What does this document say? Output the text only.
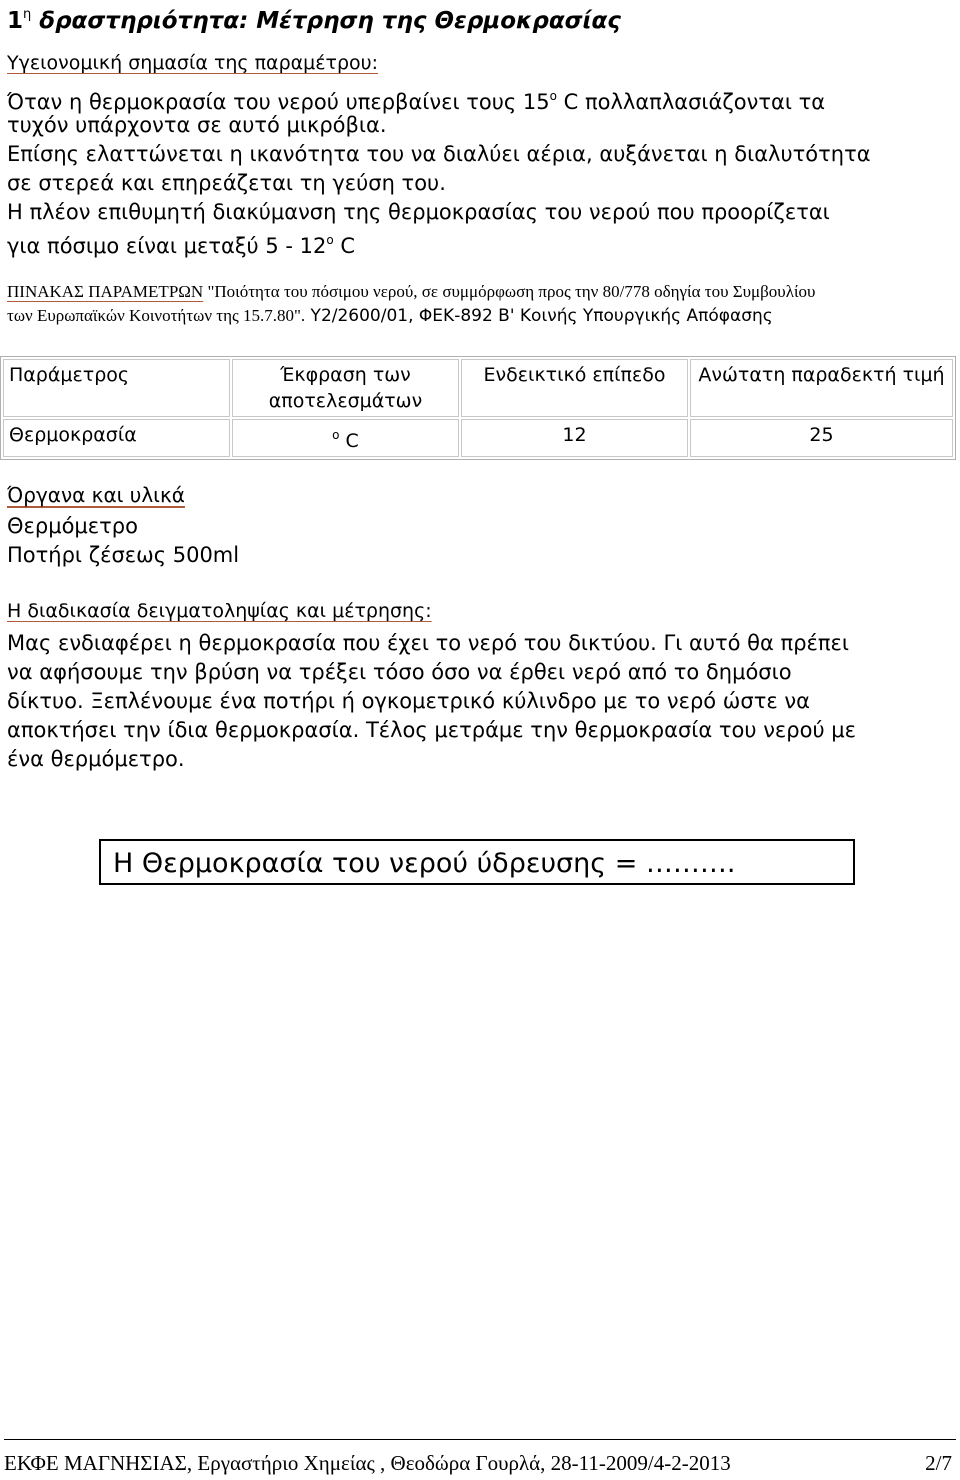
$1^\eta$ δραστηριότητα: Μέτρηση της Θερμοκρασίας
Υγειονομική σημασία της παραμέτρου:
Όταν η θερμοκρασία του νερού υπερβαίνει τους $15^o$ C πολλαπλασιάζονται τα
τυχόν υπάρχοντα σε αυτό μικρόβια.
Επίσης ελαττώνεται η ικανότητα του να διαλύει αέρια, αυξάνεται η διαλυτότητα
σε στερεά και επηρεάζεται τη γεύση του.
Η πλέον επιθυμητή διακύμανση της θερμοκρασίας του νερού που προορίζεται
για πόσιμο είναι μεταξύ $5 - 12^o$ C
ΠΙΝΑΚΑΣ ΠΑΡΑΜΕΤΡΩΝ "Ποιότητα του πόσιμου νερού, σε συμμόρφωση προς την 80/778 οδηγία του Συμβουλίου
των Ευρωπαϊκών Κοινοτήτων της 15.7.80". Υ2/2600/01, ΦΕΚ-892 Β' Κοινής Υπουργικής Απόφασης
Παράμετρος	Έκφραση των αποτελεσμάτων	Ενδεικτικό επίπεδο	Ανώτατη παραδεκτή τιμή
Θερμοκρασία	$^o$ C	12	25
Όργανα και υλικά
Θερμόμετρο
Ποτήρι ζέσεως 500ml
Η διαδικασία δειγματοληψίας και μέτρησης:
Μας ενδιαφέρει η θερμοκρασία που έχει το νερό του δικτύου. Γι αυτό θα πρέπει
να αφήσουμε την βρύση να τρέξει τόσο όσο να έρθει νερό από το δημόσιο
δίκτυο. Ξεπλένουμε ένα ποτήρι ή ογκομετρικό κύλινδρο με το νερό ώστε να
αποκτήσει την ίδια θερμοκρασία. Τέλος μετράμε την θερμοκρασία του νερού με
ένα θερμόμετρο.
Η Θερμοκρασία του νερού ύδρευσης = ……….
ΕΚΦΕ ΜΑΓΝΗΣΙΑΣ, Εργαστήριο Χημείας , Θεοδώρα Γουρλά, 28-11-2009/4-2-2013	2/7
